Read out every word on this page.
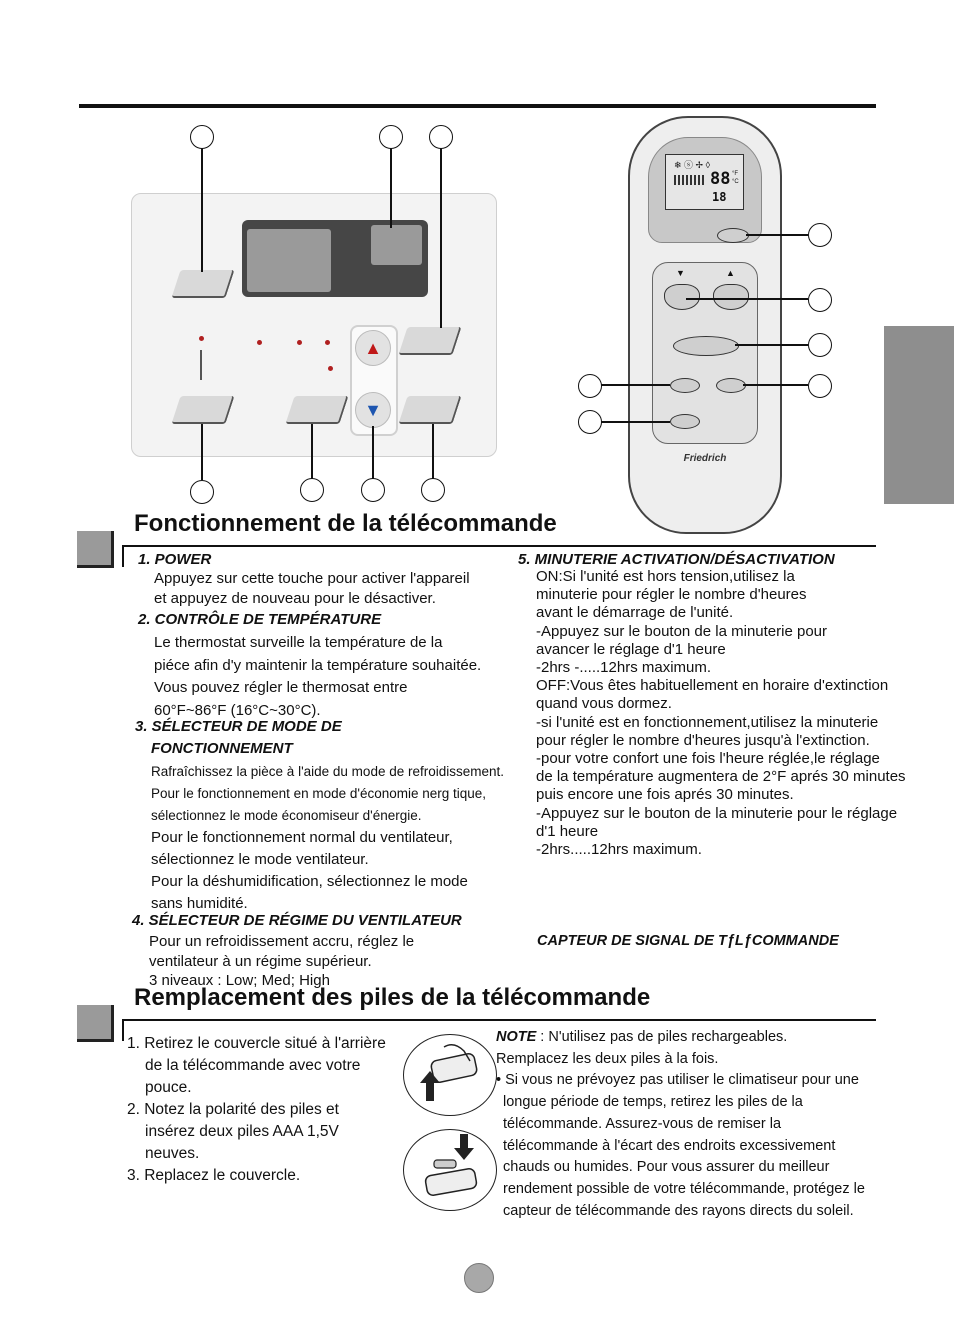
▲
▼
❄ ⓢ ✢ ◊
88 °F
°C
18
▼	▲
Friedrich
Fonctionnement de la télécommande
1. POWER
Appuyez sur cette touche pour activer l'appareil
et appuyez de nouveau pour le désactiver.
2. CONTRÔLE DE TEMPÉRATURE
Le thermostat surveille la température de la
piéce afin d'y maintenir la température souhaitée.
Vous pouvez régler le thermosat entre
60°F~86°F (16°C~30°C).
3. SÉLECTEUR DE MODE DE
FONCTIONNEMENT
Rafraîchissez la pièce à l'aide du mode de refroidissement.
Pour le fonctionnement en mode d'économie nerg tique,
sélectionnez le mode économiseur d'énergie.
Pour le fonctionnement normal du ventilateur,
sélectionnez le mode ventilateur.
Pour la déshumidification, sélectionnez le mode
sans humidité.
4. SÉLECTEUR DE RÉGIME DU VENTILATEUR
Pour un refroidissement accru, réglez le
ventilateur à un régime supérieur.
3 niveaux : Low; Med; High
5. MINUTERIE ACTIVATION/DÉSACTIVATION
ON:Si l'unité est hors tension,utilisez la
minuterie pour régler le nombre d'heures
avant le démarrage de l'unité.
-Appuyez sur le bouton de la minuterie pour
avancer le réglage d'1 heure
-2hrs -.....12hrs maximum.
OFF:Vous êtes habituellement en horaire d'extinction
quand vous dormez.
-si l'unité est en fonctionnement,utilisez la minuterie
pour régler le nombre d'heures jusqu'à l'extinction.
-pour votre confort une fois l'heure réglée,le réglage
de la température augmentera de 2°F aprés 30 minutes
puis encore une fois aprés 30 minutes.
-Appuyez sur le bouton de la minuterie pour le réglage
d'1 heure
-2hrs.....12hrs maximum.
CAPTEUR DE SIGNAL DE TƒLƒCOMMANDE
Remplacement des piles de la télécommande
1. Retirez le couvercle situé à l'arrière
de la télécommande avec votre
pouce.
2. Notez la polarité des piles et
insérez deux piles AAA 1,5V
neuves.
3. Replacez le couvercle.
NOTE : N'utilisez pas de piles rechargeables.
Remplacez les deux piles à la fois.
• Si vous ne prévoyez pas utiliser le climatiseur pour une
longue période de temps, retirez les piles de la
télécommande. Assurez-vous de remiser la
télécommande à l'écart des endroits excessivement
chauds ou humides. Pour vous assurer du meilleur
rendement possible de votre télécommande, protégez le
capteur de télécommande des rayons directs du soleil.
